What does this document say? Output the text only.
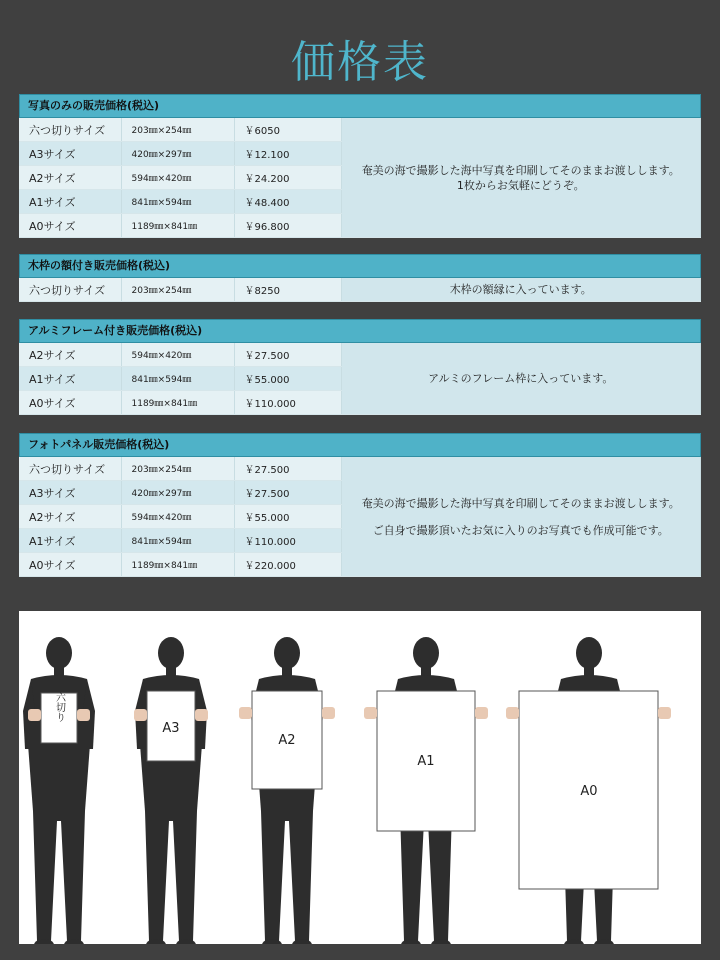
価格表
写真のみの販売価格(税込)
六つ切りサイズ	203㎜×254㎜	￥6050	奄美の海で撮影した海中写真を印刷してそのままお渡しします。

1枚からお気軽にどうぞ。

A3サイズ	420㎜×297㎜	￥12.100	
A2サイズ	594㎜×420㎜	￥24.200	
A1サイズ	841㎜×594㎜	￥48.400	
A0サイズ	1189㎜×841㎜	￥96.800	
木枠の額付き販売価格(税込)
六つ切りサイズ	203㎜×254㎜	￥8250	木枠の額縁に入っています。

アルミフレーム付き販売価格(税込)
A2サイズ	594㎜×420㎜	￥27.500	アルミのフレーム枠に入っています。

A1サイズ	841㎜×594㎜	￥55.000	
A0サイズ	1189㎜×841㎜	￥110.000	
フォトパネル販売価格(税込)
六つ切りサイズ	203㎜×254㎜	￥27.500	奄美の海で撮影した海中写真を印刷してそのままお渡しします。

ご自身で撮影頂いたお気に入りのお写真でも作成可能です。

A3サイズ	420㎜×297㎜	￥27.500	
A2サイズ	594㎜×420㎜	￥55.000	
A1サイズ	841㎜×594㎜	￥110.000	
A0サイズ	1189㎜×841㎜	￥220.000	
六切り
A3
A2
A1
A0
